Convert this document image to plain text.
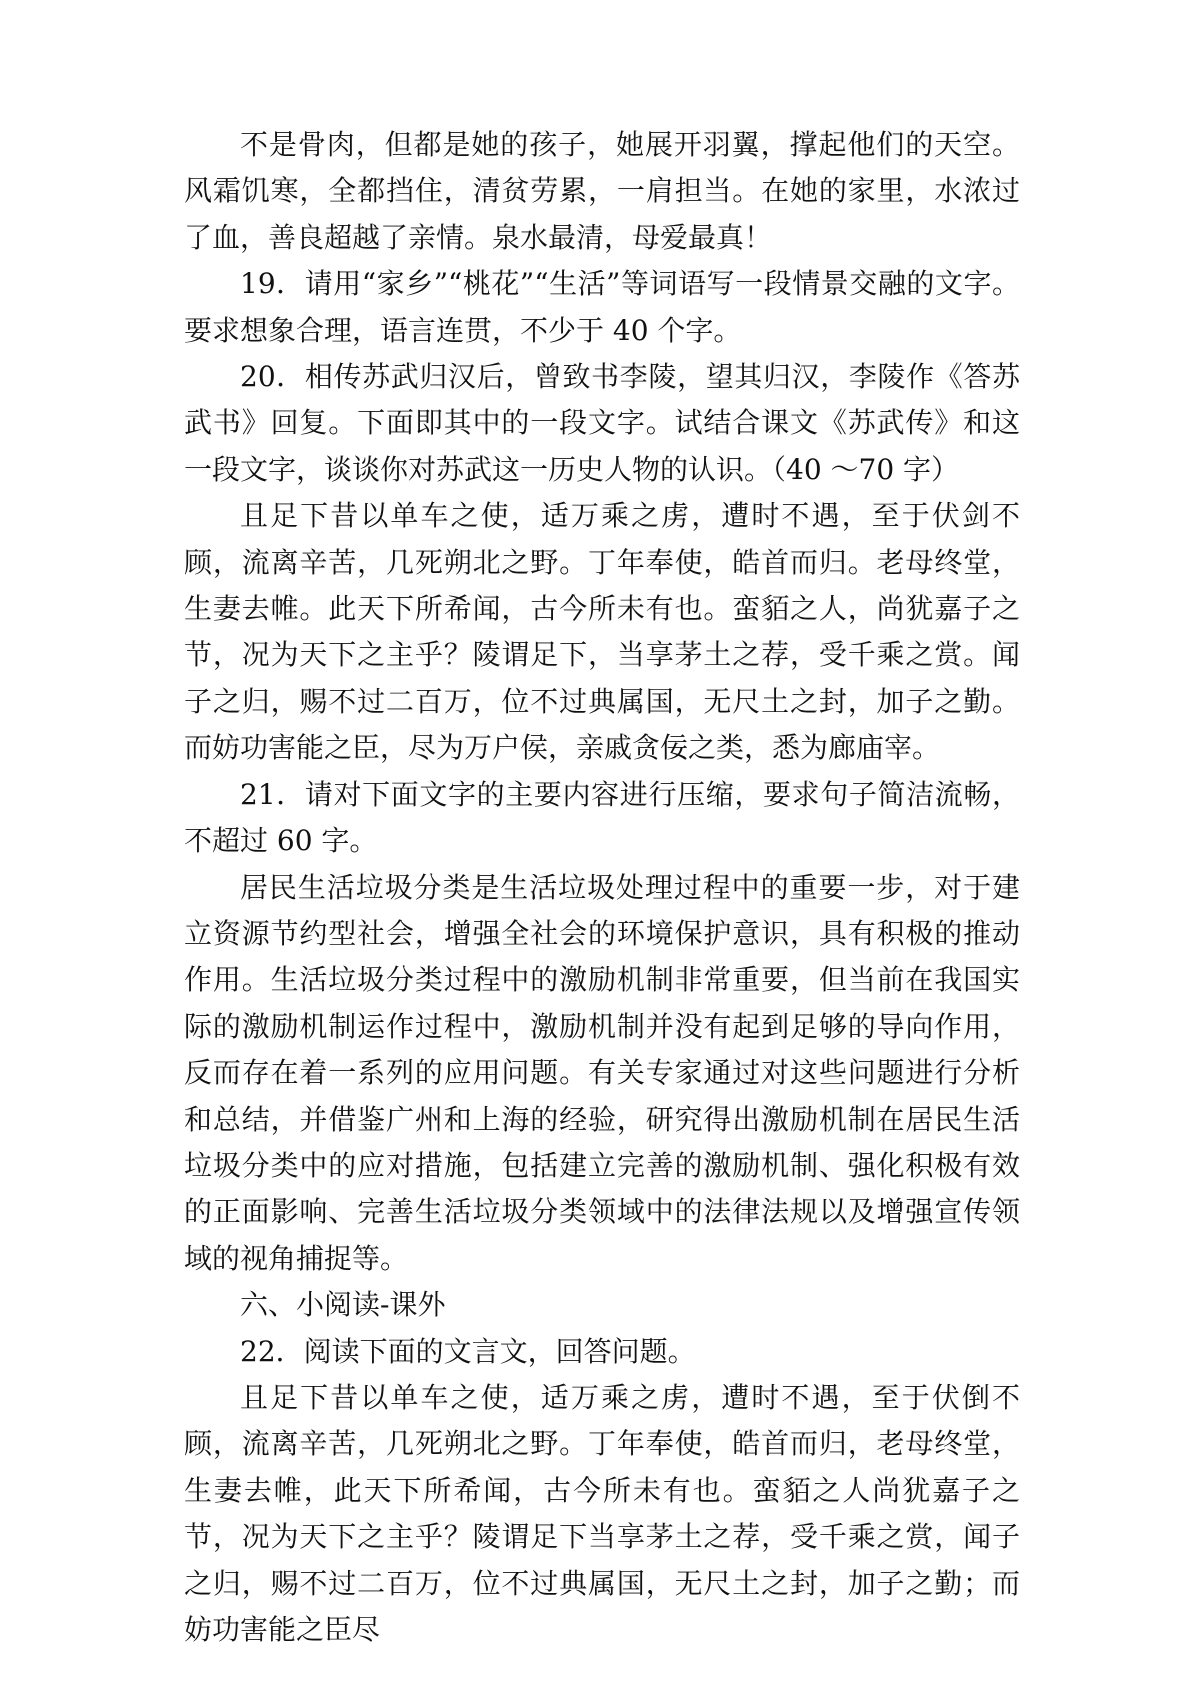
不是骨肉，但都是她的孩子，她展开羽翼，撑起他们的天空。风霜饥寒，全都挡住，清贫劳累，一肩担当。在她的家里，水浓过了血，善良超越了亲情。泉水最清，母爱最真！

19．请用“家乡”“桃花”“生活”等词语写一段情景交融的文字。要求想象合理，语言连贯，不少于 40 个字。

20．相传苏武归汉后，曾致书李陵，望其归汉，李陵作《答苏武书》回复。下面即其中的一段文字。试结合课文《苏武传》和这一段文字，谈谈你对苏武这一历史人物的认识。（40 ～70 字）

且足下昔以单车之使，适万乘之虏，遭时不遇，至于伏剑不顾，流离辛苦，几死朔北之野。丁年奉使，皓首而归。老母终堂，生妻去帷。此天下所希闻，古今所未有也。蛮貊之人，尚犹嘉子之节，况为天下之主乎？陵谓足下，当享茅土之荐，受千乘之赏。闻子之归，赐不过二百万，位不过典属国，无尺土之封，加子之勤。而妨功害能之臣，尽为万户侯，亲戚贪佞之类，悉为廊庙宰。

21．请对下面文字的主要内容进行压缩，要求句子简洁流畅，不超过 60 字。

居民生活垃圾分类是生活垃圾处理过程中的重要一步，对于建立资源节约型社会，增强全社会的环境保护意识，具有积极的推动作用。生活垃圾分类过程中的激励机制非常重要，但当前在我国实际的激励机制运作过程中，激励机制并没有起到足够的导向作用，反而存在着一系列的应用问题。有关专家通过对这些问题进行分析和总结，并借鉴广州和上海的经验，研究得出激励机制在居民生活垃圾分类中的应对措施，包括建立完善的激励机制、强化积极有效的正面影响、完善生活垃圾分类领域中的法律法规以及增强宣传领域的视角捕捉等。

六、小阅读-课外

22．阅读下面的文言文，回答问题。

且足下昔以单车之使，适万乘之虏，遭时不遇，至于伏倒不顾，流离辛苦，几死朔北之野。丁年奉使，皓首而归，老母终堂，生妻去帷，此天下所希闻，古今所未有也。蛮貊之人尚犹嘉子之节，况为天下之主乎？陵谓足下当享茅土之荐，受千乘之赏，闻子之归，赐不过二百万，位不过典属国，无尺土之封，加子之勤；而妨功害能之臣尽
